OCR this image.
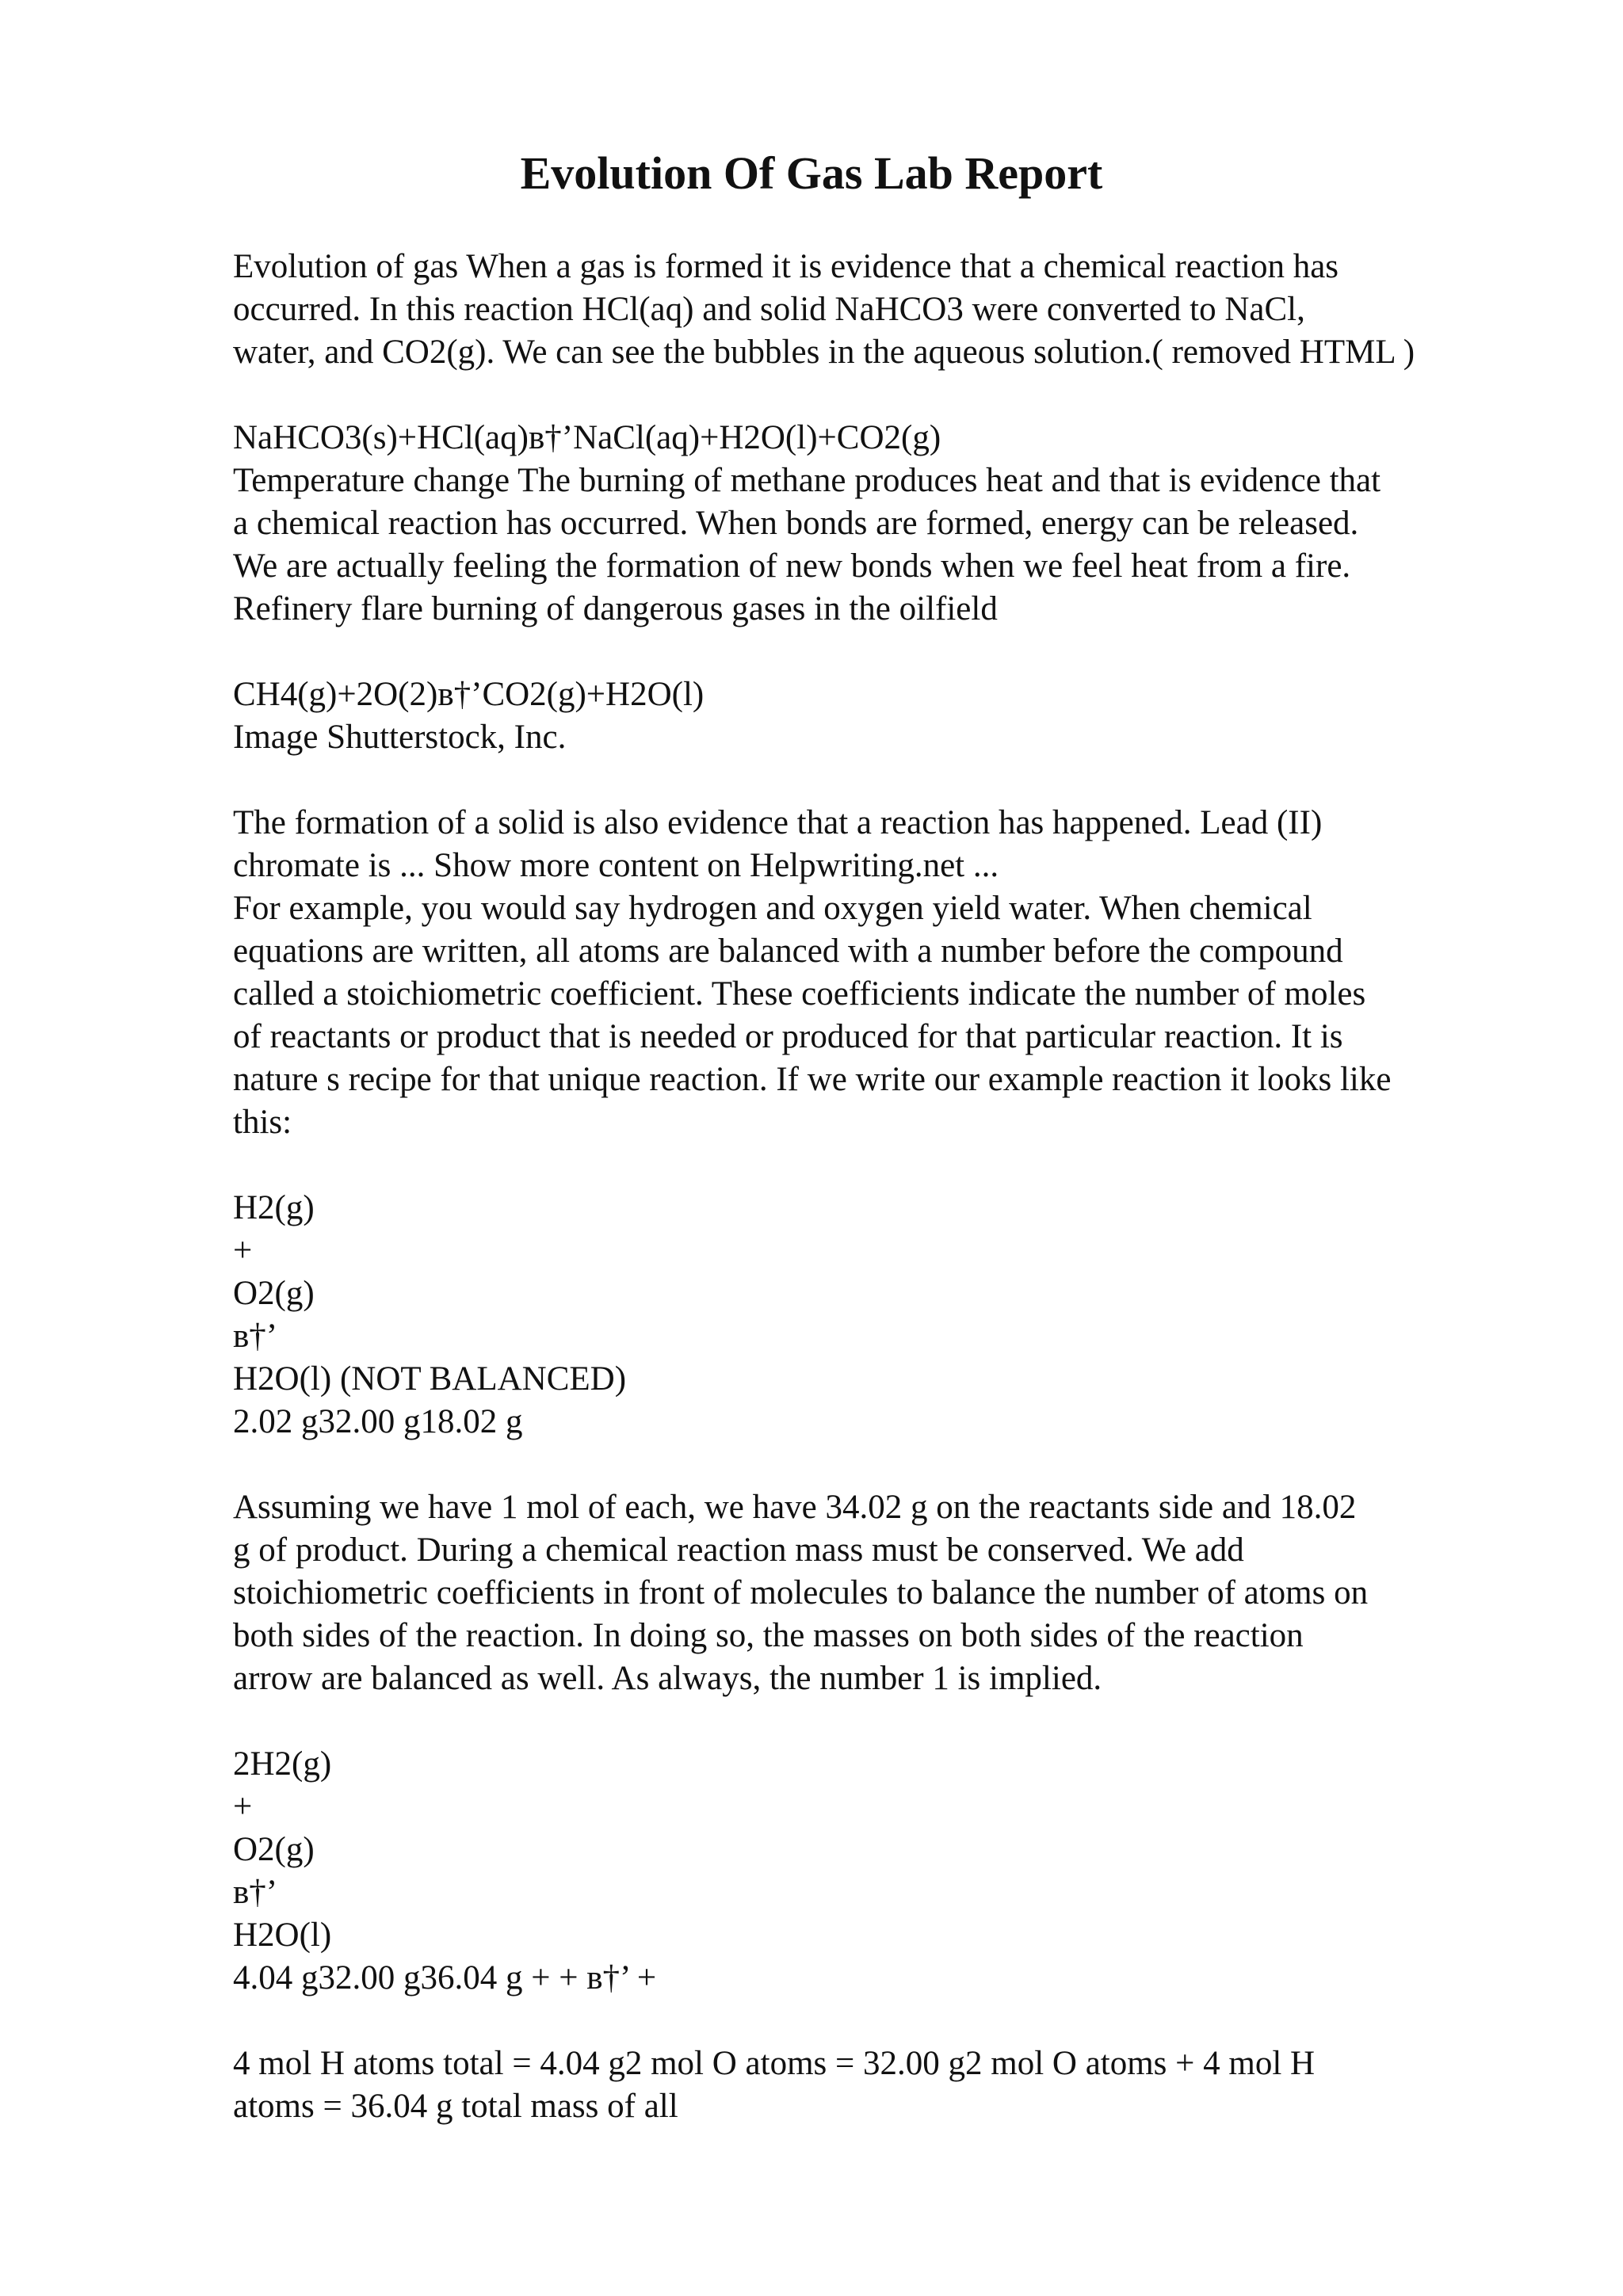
Evolution Of Gas Lab Report
Evolution of gas When a gas is formed it is evidence that a chemical reaction has
occurred. In this reaction HCl(aq) and solid NaHCO3 were converted to NaCl,
water, and CO2(g). We can see the bubbles in the aqueous solution.( removed HTML )
NaHCO3(s)+HCl(aq)в†’NaCl(aq)+H2O(l)+CO2(g)
Temperature change The burning of methane produces heat and that is evidence that
a chemical reaction has occurred. When bonds are formed, energy can be released.
We are actually feeling the formation of new bonds when we feel heat from a fire.
Refinery flare burning of dangerous gases in the oilfield
CH4(g)+2O(2)в†’CO2(g)+H2O(l)
Image Shutterstock, Inc.
The formation of a solid is also evidence that a reaction has happened. Lead (II)
chromate is ... Show more content on Helpwriting.net ...
For example, you would say hydrogen and oxygen yield water. When chemical
equations are written, all atoms are balanced with a number before the compound
called a stoichiometric coefficient. These coefficients indicate the number of moles
of reactants or product that is needed or produced for that particular reaction. It is
nature s recipe for that unique reaction. If we write our example reaction it looks like
this:
H2(g)
+
O2(g)
в†’
H2O(l) (NOT BALANCED)
2.02 g32.00 g18.02 g
Assuming we have 1 mol of each, we have 34.02 g on the reactants side and 18.02
g of product. During a chemical reaction mass must be conserved. We add
stoichiometric coefficients in front of molecules to balance the number of atoms on
both sides of the reaction. In doing so, the masses on both sides of the reaction
arrow are balanced as well. As always, the number 1 is implied.
2H2(g)
+
O2(g)
в†’
H2O(l)
4.04 g32.00 g36.04 g + + в†’ +
4 mol H atoms total = 4.04 g2 mol O atoms = 32.00 g2 mol O atoms + 4 mol H
atoms = 36.04 g total mass of all
